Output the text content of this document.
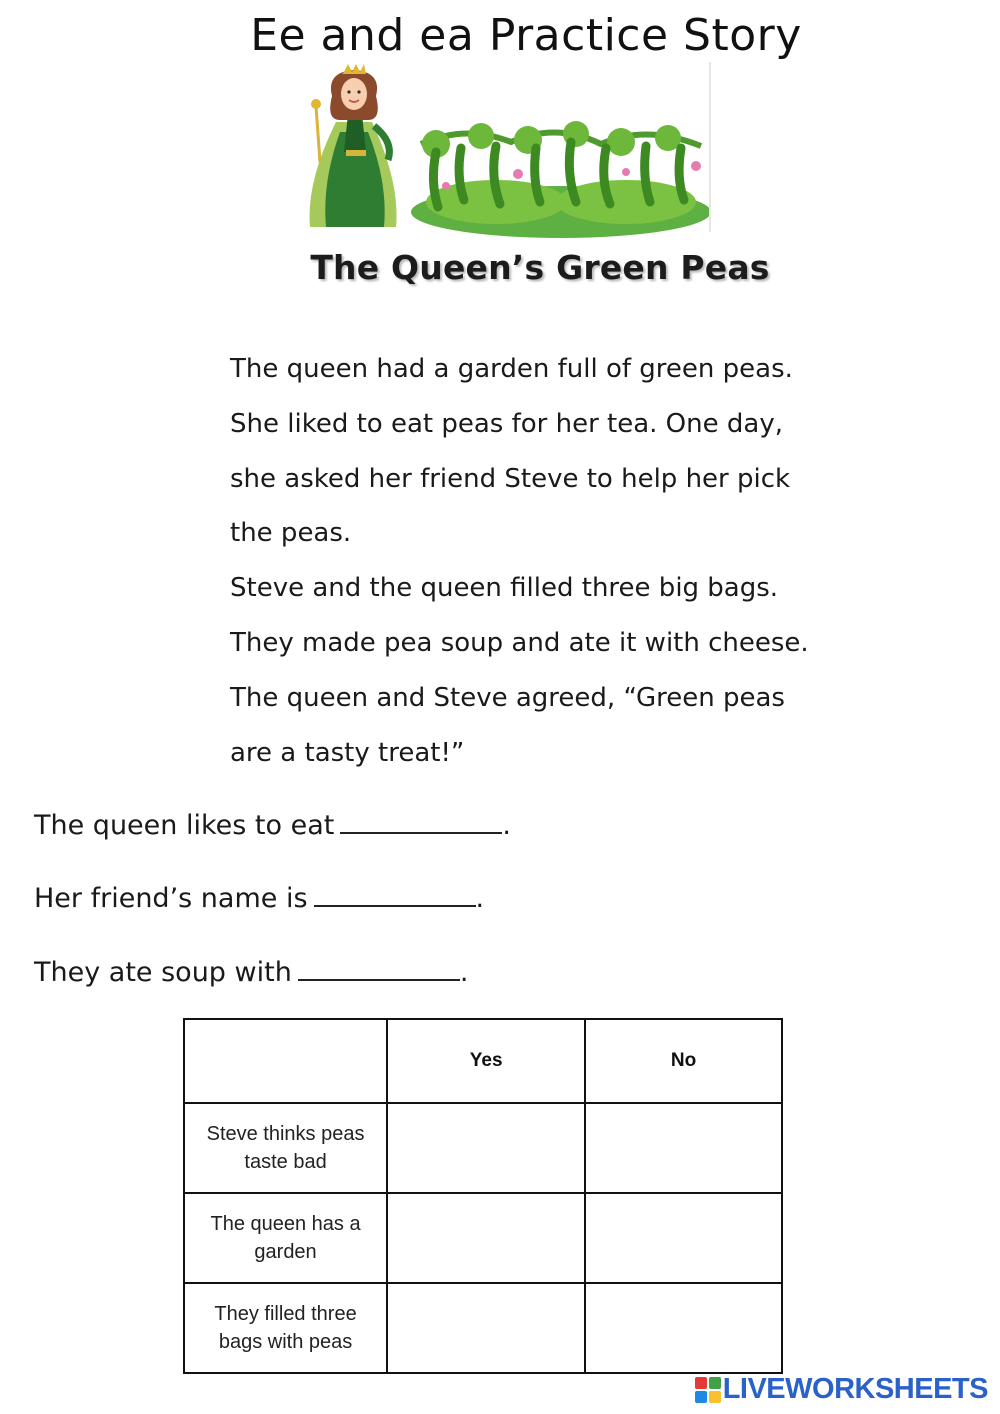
Ee and ea Practice Story
The Queen’s Green Peas
The queen had a garden full of green peas.
She liked to eat peas for her tea. One day,
she asked her friend Steve to help her pick
the peas.
Steve and the queen filled three big bags.
They made pea soup and ate it with cheese.
The queen and Steve agreed, “Green peas
are a tasty treat!”
The queen likes to eat	.
Her friend’s name is	.
They ate soup with	.
	Yes	No
Steve thinks peas taste bad		
The queen has a garden		
They filled three bags with peas		
LIVEWORKSHEETS
